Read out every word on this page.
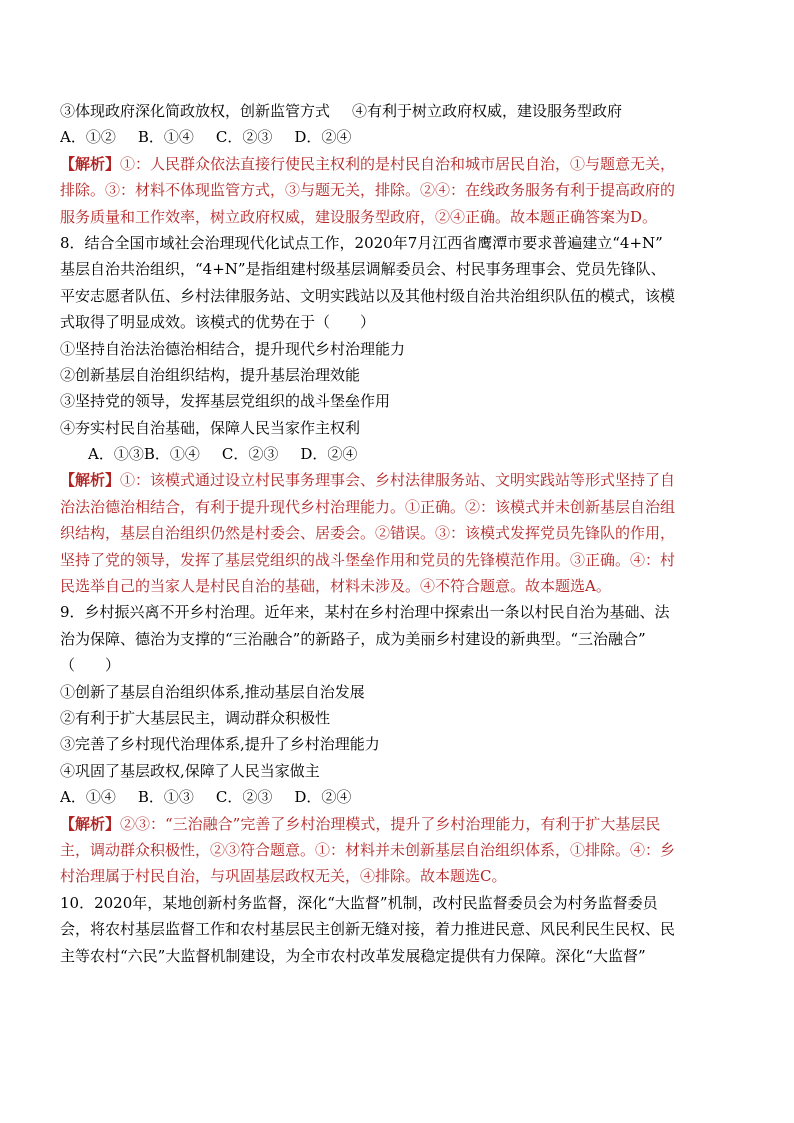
③体现政府深化简政放权，创新监管方式 ④有利于树立政府权威，建设服务型政府
A．①② B．①④ C．②③ D．②④
【解析】①：人民群众依法直接行使民主权利的是村民自治和城市居民自治，①与题意无关，
排除。③：材料不体现监管方式，③与题无关，排除。②④：在线政务服务有利于提高政府的
服务质量和工作效率，树立政府权威，建设服务型政府，②④正确。故本题正确答案为D。
8．结合全国市域社会治理现代化试点工作，2020年7月江西省鹰潭市要求普遍建立“4+N”
基层自治共治组织，“4+N”是指组建村级基层调解委员会、村民事务理事会、党员先锋队、
平安志愿者队伍、乡村法律服务站、文明实践站以及其他村级自治共治组织队伍的模式，该模
式取得了明显成效。该模式的优势在于（　　）
①坚持自治法治德治相结合，提升现代乡村治理能力
②创新基层自治组织结构，提升基层治理效能
③坚持党的领导，发挥基层党组织的战斗堡垒作用
④夯实村民自治基础，保障人民当家作主权利
A．①③ B．①④ C．②③ D．②④
【解析】①：该模式通过设立村民事务理事会、乡村法律服务站、文明实践站等形式坚持了自
治法治德治相结合，有利于提升现代乡村治理能力。①正确。②：该模式并未创新基层自治组
织结构，基层自治组织仍然是村委会、居委会。②错误。③：该模式发挥党员先锋队的作用，
坚持了党的领导，发挥了基层党组织的战斗堡垒作用和党员的先锋模范作用。③正确。④：村
民选举自己的当家人是村民自治的基础，材料未涉及。④不符合题意。故本题选A。
9．乡村振兴离不开乡村治理。近年来，某村在乡村治理中探索出一条以村民自治为基础、法
治为保障、德治为支撑的“三治融合”的新路子，成为美丽乡村建设的新典型。“三治融合”
（　　）
①创新了基层自治组织体系,推动基层自治发展
②有利于扩大基层民主，调动群众积极性
③完善了乡村现代治理体系,提升了乡村治理能力
④巩固了基层政权,保障了人民当家做主
A．①④ B．①③ C．②③ D．②④
【解析】②③：“三治融合”完善了乡村治理模式，提升了乡村治理能力，有利于扩大基层民
主，调动群众积极性，②③符合题意。①：材料并未创新基层自治组织体系，①排除。④：乡
村治理属于村民自治，与巩固基层政权无关，④排除。故本题选C。
10．2020年，某地创新村务监督，深化“大监督”机制，改村民监督委员会为村务监督委员
会，将农村基层监督工作和农村基层民主创新无缝对接，着力推进民意、风民利民生民权、民
主等农村“六民”大监督机制建设，为全市农村改革发展稳定提供有力保障。深化“大监督”
